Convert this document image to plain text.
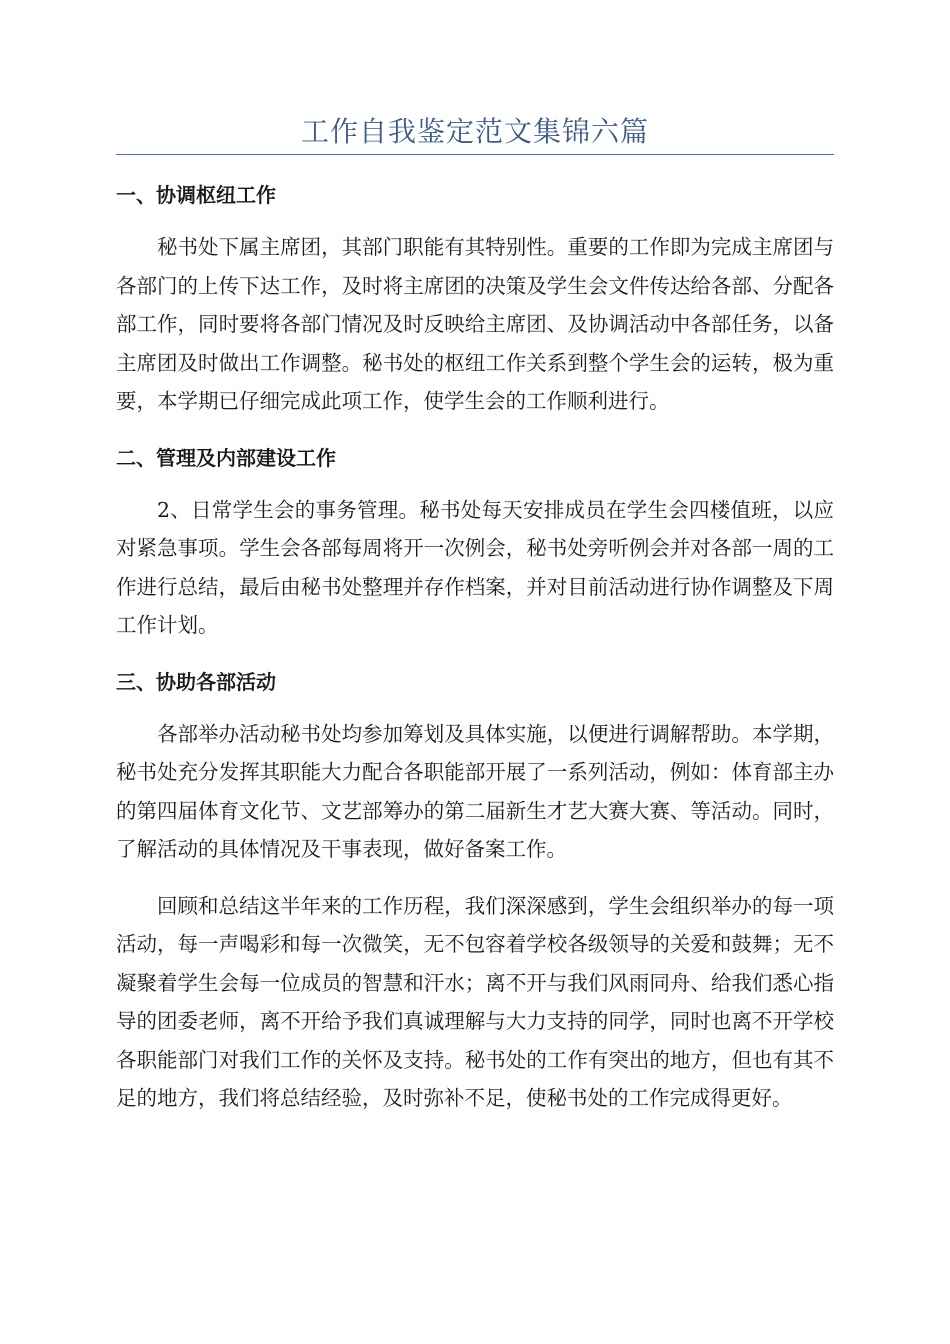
工作自我鉴定范文集锦六篇
一、协调枢纽工作

秘书处下属主席团，其部门职能有其特别性。重要的工作即为完成主席团与各部门的上传下达工作，及时将主席团的决策及学生会文件传达给各部、分配各部工作，同时要将各部门情况及时反映给主席团、及协调活动中各部任务，以备主席团及时做出工作调整。秘书处的枢纽工作关系到整个学生会的运转，极为重要，本学期已仔细完成此项工作，使学生会的工作顺利进行。

二、管理及内部建设工作

2、日常学生会的事务管理。秘书处每天安排成员在学生会四楼值班，以应对紧急事项。学生会各部每周将开一次例会，秘书处旁听例会并对各部一周的工作进行总结，最后由秘书处整理并存作档案，并对目前活动进行协作调整及下周工作计划。

三、协助各部活动

各部举办活动秘书处均参加筹划及具体实施，以便进行调解帮助。本学期，秘书处充分发挥其职能大力配合各职能部开展了一系列活动，例如：体育部主办的第四届体育文化节、文艺部筹办的第二届新生才艺大赛大赛、等活动。同时，了解活动的具体情况及干事表现，做好备案工作。

回顾和总结这半年来的工作历程，我们深深感到，学生会组织举办的每一项活动，每一声喝彩和每一次微笑，无不包容着学校各级领导的关爱和鼓舞；无不凝聚着学生会每一位成员的智慧和汗水；离不开与我们风雨同舟、给我们悉心指导的团委老师，离不开给予我们真诚理解与大力支持的同学，同时也离不开学校各职能部门对我们工作的关怀及支持。秘书处的工作有突出的地方，但也有其不足的地方，我们将总结经验，及时弥补不足，使秘书处的工作完成得更好。
